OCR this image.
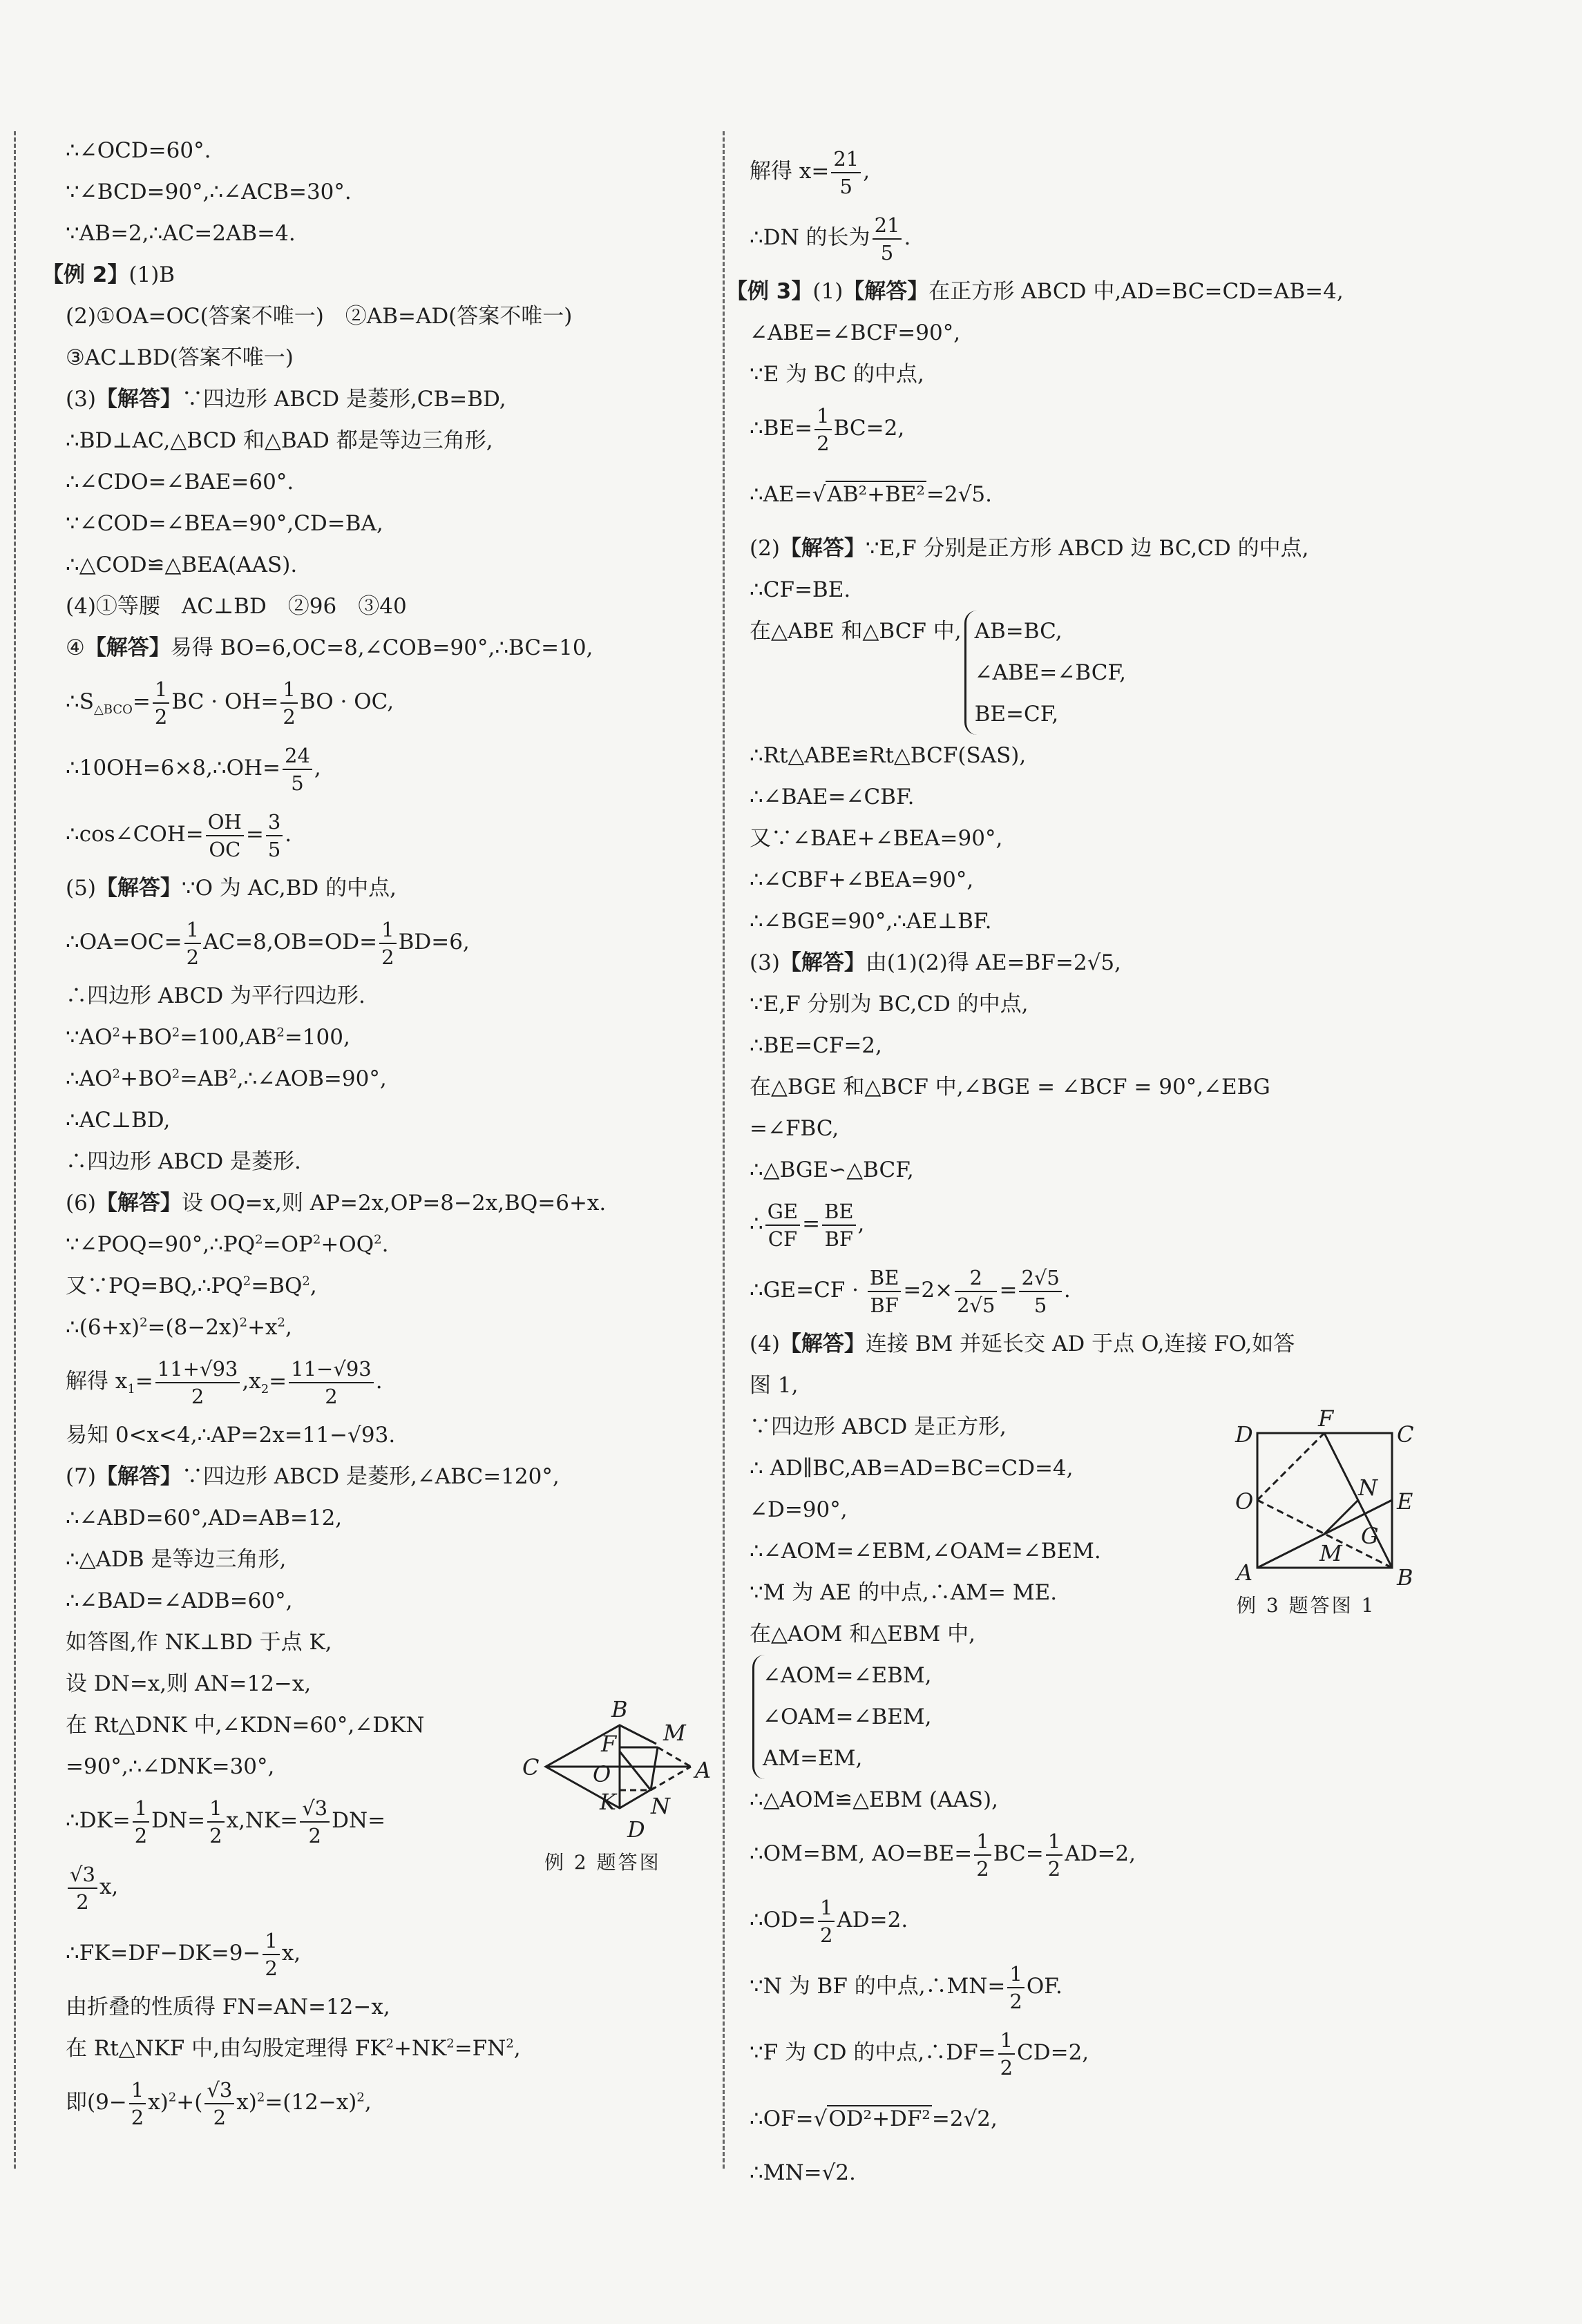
∴∠OCD=60°.
∵∠BCD=90°,∴∠ACB=30°.
∵AB=2,∴AC=2AB=4.
【例 2】(1)B
(2)①OA=OC(答案不唯一)　②AB=AD(答案不唯一)
③AC⊥BD(答案不唯一)
(3)【解答】∵四边形 ABCD 是菱形,CB=BD,
∴BD⊥AC,△BCD 和△BAD 都是等边三角形,
∴∠CDO=∠BAE=60°.
∵∠COD=∠BEA=90°,CD=BA,
∴△COD≌△BEA(AAS).
(4)①等腰　AC⊥BD　②96　③40
④【解答】易得 BO=6,OC=8,∠COB=90°,∴BC=10,
$\therefore S_{\triangle BCO}= \frac{1}{2}$ BC · $OH= \frac{1}{2}$ BO · OC,
∴10OH=6×8,∴OH= $\frac{24}{5}$ ,
∴cos∠COH= $\frac{OH}{OC} = \frac{3}{5}$ .
(5)【解答】∵O 为 AC,BD 的中点,
∴OA=OC= $\frac{1}{2} AC=8,OB=OD= \frac{1}{2} BD=6$,
∴四边形 ABCD 为平行四边形.
$\because AO^2+BO^2=100,AB^2=100$,
$\therefore AO^2+BO^2=AB^2,\therefore\angle AOB=90^\circ$,
∴AC⊥BD,
∴四边形 ABCD 是菱形.
(6)【解答】设 OQ=x,则 AP=2x,OP=8−2x,BQ=6+x.
$\because\angle POQ=90^\circ,\therefore PQ^2=OP^2+OQ^2$.
又$\because PQ=BQ,\therefore PQ^2=BQ^2$,
$\therefore(6+x)^2=(8-2x)^2+x^2$,
解得 $x_1= \frac{11+√93}{2} ,x_2= \frac{11-√93}{2}$ .
易知 0<x<4,∴AP=2x=11−√93.
(7)【解答】∵四边形 ABCD 是菱形,∠ABC=120°,
∴∠ABD=60°,AD=AB=12,
∴△ADB 是等边三角形,
∴∠BAD=∠ADB=60°,
如答图,作 NK⊥BD 于点 K,
设 DN=x,则 AN=12−x,
在 Rt△DNK 中,∠KDN=60°,∠DKN
=90°,∴∠DNK=30°,
∴DK= $\frac{1}{2} DN= \frac{1}{2} x,NK= \frac{√3}{2} DN=$
$\frac{√3}{2} x$,
∴FK=DF−DK=9− $\frac{1}{2} x$,
由折叠的性质得 FN=AN=12−x,
在 Rt△NKF 中,由勾股定理得 $FK^2+NK^2=FN^2$,
即$(9- \frac{1}{2} x)^2+( \frac{√3}{2} x)^2=(12-x)^2$,
解得 $x= \frac{21}{5}$ ,
∴DN 的长为 $\frac{21}{5}$ .
【例 3】(1)【解答】在正方形 ABCD 中,AD=BC=CD=AB=4,
∠ABE=∠BCF=90°,
∵E 为 BC 的中点,
∴BE= $\frac{1}{2} BC=2$,
∴AE=√AB²+BE²=2√5.
(2)【解答】∵E,F 分别是正方形 ABCD 边 BC,CD 的中点,
∴CF=BE.
在△ABE 和△BCF 中, AB=BC,
∠ABE=∠BCF,
BE=CF,
∴Rt△ABE≌Rt△BCF(SAS),
∴∠BAE=∠CBF.
又∵∠BAE+∠BEA=90°,
∴∠CBF+∠BEA=90°,
∴∠BGE=90°,∴AE⊥BF.
(3)【解答】由(1)(2)得 AE=BF=2√5,
∵E,F 分别为 BC,CD 的中点,
∴BE=CF=2,
在△BGE 和△BCF 中,∠BGE = ∠BCF = 90°,∠EBG
=∠FBC,
∴△BGE∽△BCF,
∴ $\frac{GE}{CF} = \frac{BE}{BF}$ ,
∴GE=CF · $\frac{BE}{BF} =2\times \frac{2}{2√5} = \frac{2√5}{5}$ .
(4)【解答】连接 BM 并延长交 AD 于点 O,连接 FO,如答
图 1,
∵四边形 ABCD 是正方形,
∴ AD∥BC,AB=AD=BC=CD=4,
∠D=90°,
∴∠AOM=∠EBM,∠OAM=∠BEM.
∵M 为 AE 的中点,∴AM= ME.
在△AOM 和△EBM 中,
∠AOM=∠EBM,
∠OAM=∠BEM,
AM=EM,
∴△AOM≌△EBM (AAS),
∴OM=BM, $AO=BE= \frac{1}{2} BC= \frac{1}{2} AD=2$,
∴OD= $\frac{1}{2} AD=2$.
∵N 为 BF 的中点,∴MN= $\frac{1}{2}$ OF.
∵F 为 CD 的中点,∴DF= $\frac{1}{2} CD=2$,
∴OF=√OD²+DF²=2√2,
∴MN=√2.
B
M
F
C O	A
K N
D
例 2 题答图
D
F
C
O
N
E
G
M
A	B
例 3 题答图 1
